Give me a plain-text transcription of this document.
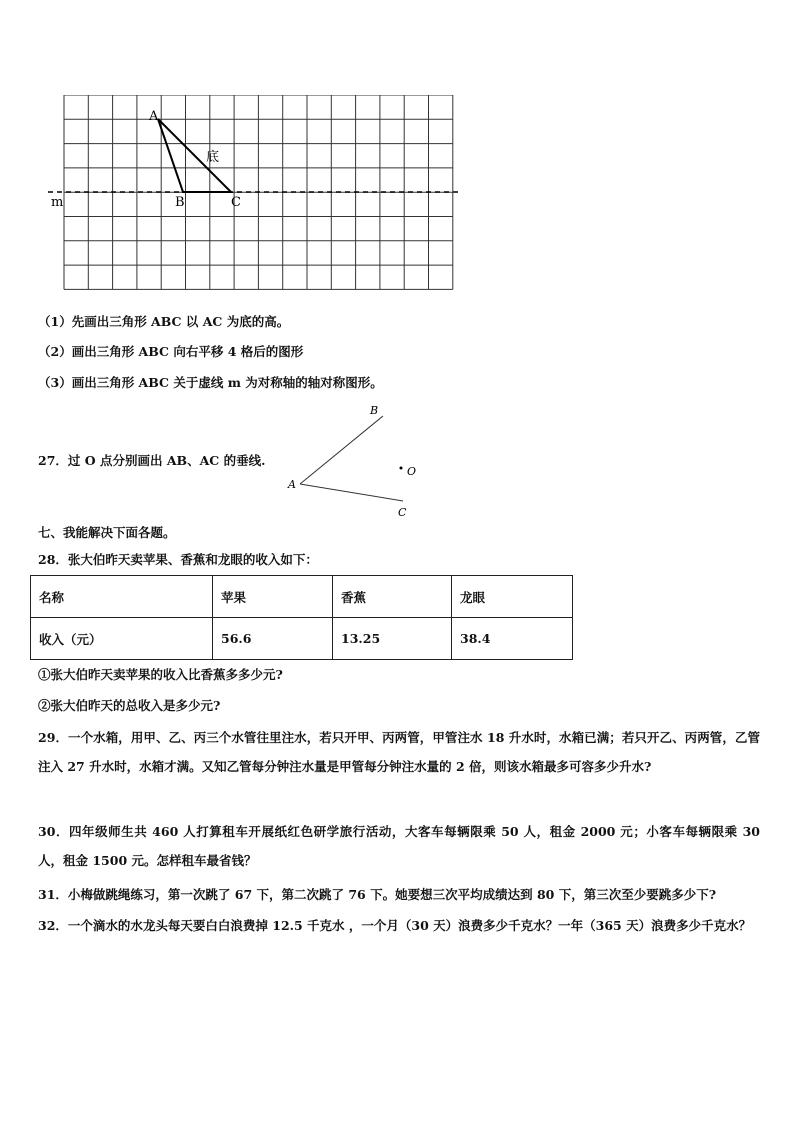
A
B	C
m
底
（1）先画出三角形 ABC 以 AC 为底的高。
（2）画出三角形 ABC 向右平移 4 格后的图形
（3）画出三角形 ABC 关于虚线 m 为对称轴的轴对称图形。
27．过 O 点分别画出 AB、AC 的垂线.
A
B
C
O
七、我能解决下面各题。
28．张大伯昨天卖苹果、香蕉和龙眼的收入如下：
名称	苹果	香蕉	龙眼
收入（元）	56.6	13.25	38.4
①张大伯昨天卖苹果的收入比香蕉多多少元?
②张大伯昨天的总收入是多少元?

29．一个水箱，用甲、乙、丙三个水管往里注水，若只开甲、丙两管，甲管注水 18 升水时，水箱已满；若只开乙、丙两管，乙管注入 27 升水时，水箱才满。又知乙管每分钟注水量是甲管每分钟注水量的 2 倍，则该水箱最多可容多少升水?

30．四年级师生共 460 人打算租车开展纸红色研学旅行活动，大客车每辆限乘 50 人，租金 2000 元；小客车每辆限乘 30 人，租金 1500 元。怎样租车最省钱？

31．小梅做跳绳练习，第一次跳了 67 下，第二次跳了 76 下。她要想三次平均成绩达到 80 下，第三次至少要跳多少下?

32．一个滴水的水龙头每天要白白浪费掉 12.5 千克水 ，一个月（30 天）浪费多少千克水？一年（365 天）浪费多少千克水？
